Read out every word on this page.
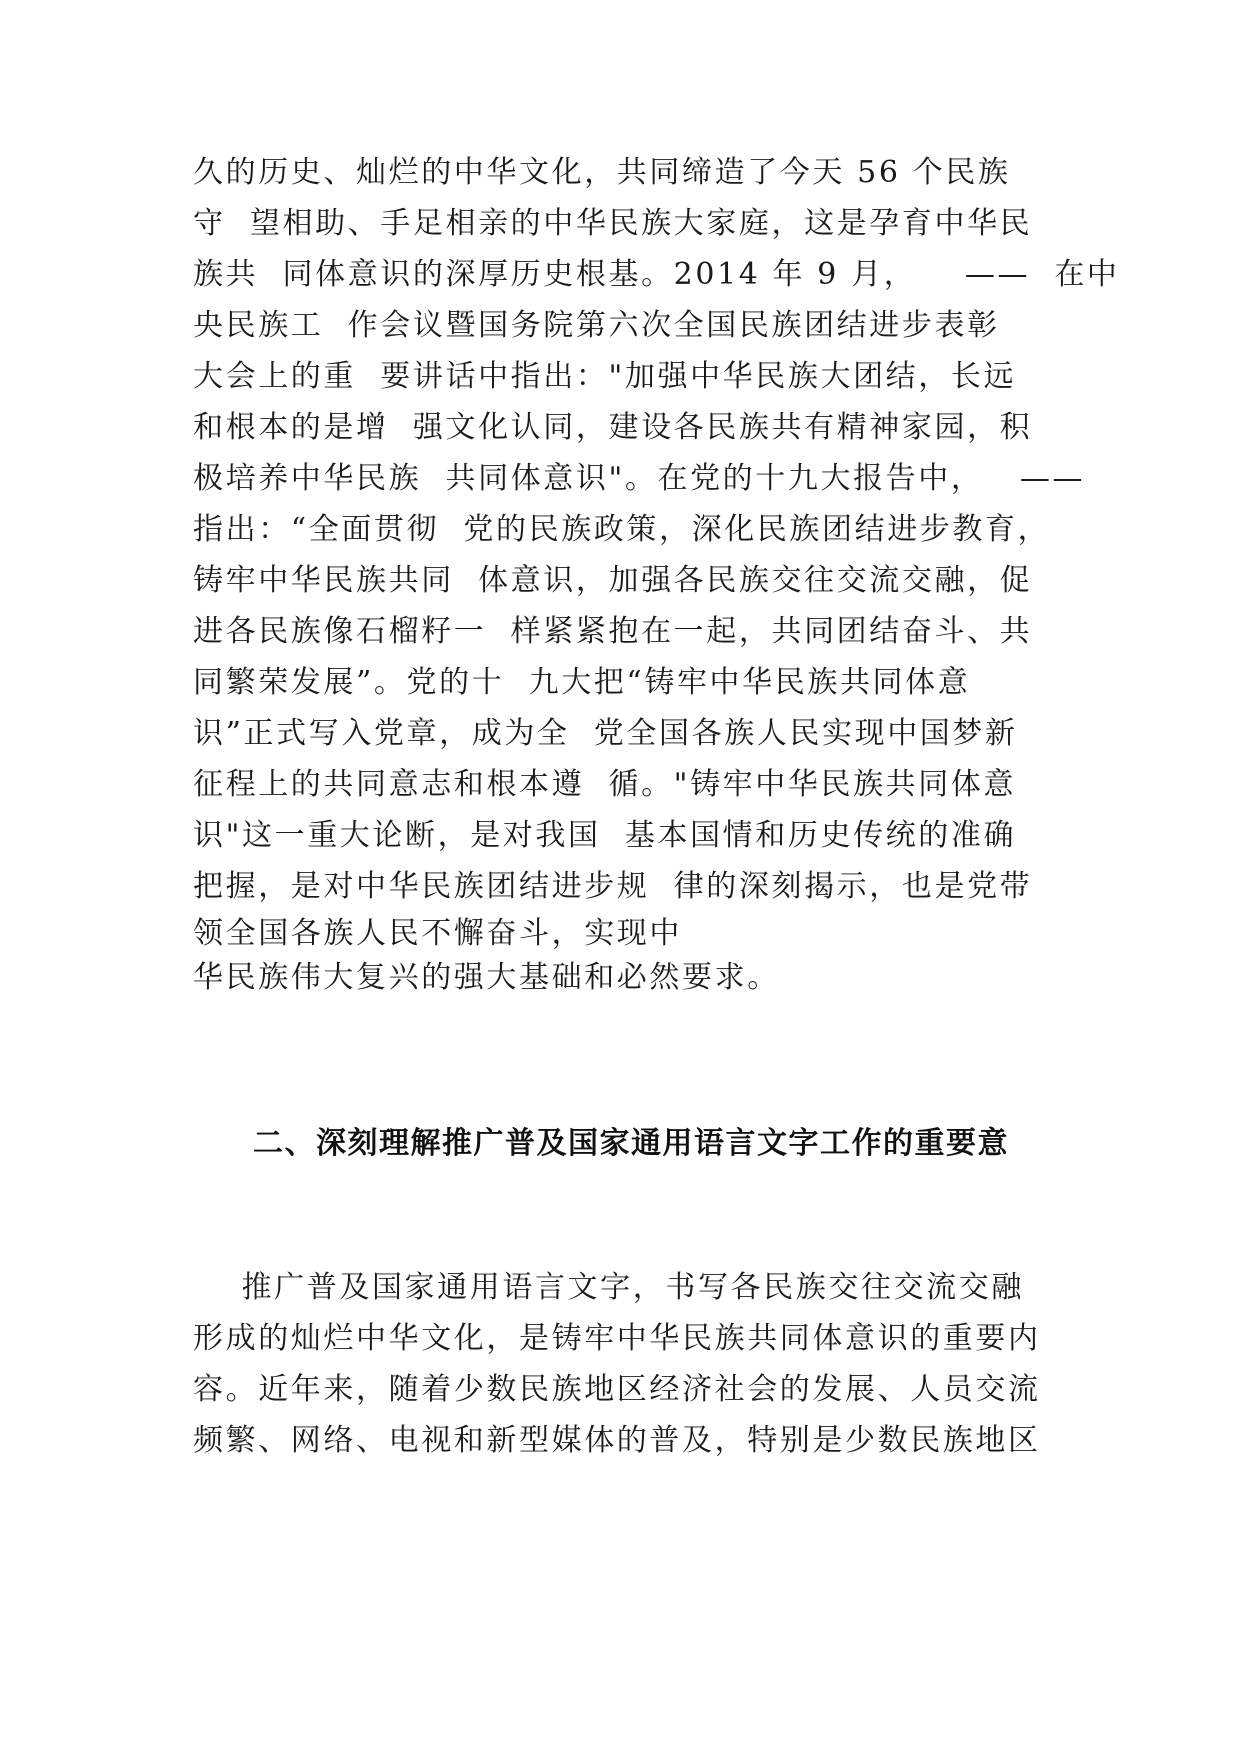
久的历史、灿烂的中华文化，共同缔造了今天 56 个民族
守  望相助、手足相亲的中华民族大家庭，这是孕育中华民
族共  同体意识的深厚历史根基。2014 年 9 月，    ——  在中
央民族工  作会议暨国务院第六次全国民族团结进步表彰
大会上的重  要讲话中指出："加强中华民族大团结，长远
和根本的是增  强文化认同，建设各民族共有精神家园，积
极培养中华民族  共同体意识"。在党的十九大报告中，   ——
指出：“全面贯彻  党的民族政策，深化民族团结进步教育，
铸牢中华民族共同  体意识，加强各民族交往交流交融，促
进各民族像石榴籽一  样紧紧抱在一起，共同团结奋斗、共
同繁荣发展”。党的十  九大把“铸牢中华民族共同体意
识”正式写入党章，成为全  党全国各族人民实现中国梦新
征程上的共同意志和根本遵  循。"铸牢中华民族共同体意
识"这一重大论断，是对我国  基本国情和历史传统的准确
把握，是对中华民族团结进步规  律的深刻揭示，也是党带
领全国各族人民不懈奋斗，实现中
华民族伟大复兴的强大基础和必然要求。
二、深刻理解推广普及国家通用语言文字工作的重要意
推广普及国家通用语言文字，书写各民族交往交流交融
形成的灿烂中华文化，是铸牢中华民族共同体意识的重要内
容。近年来，随着少数民族地区经济社会的发展、人员交流
频繁、网络、电视和新型媒体的普及，特别是少数民族地区
